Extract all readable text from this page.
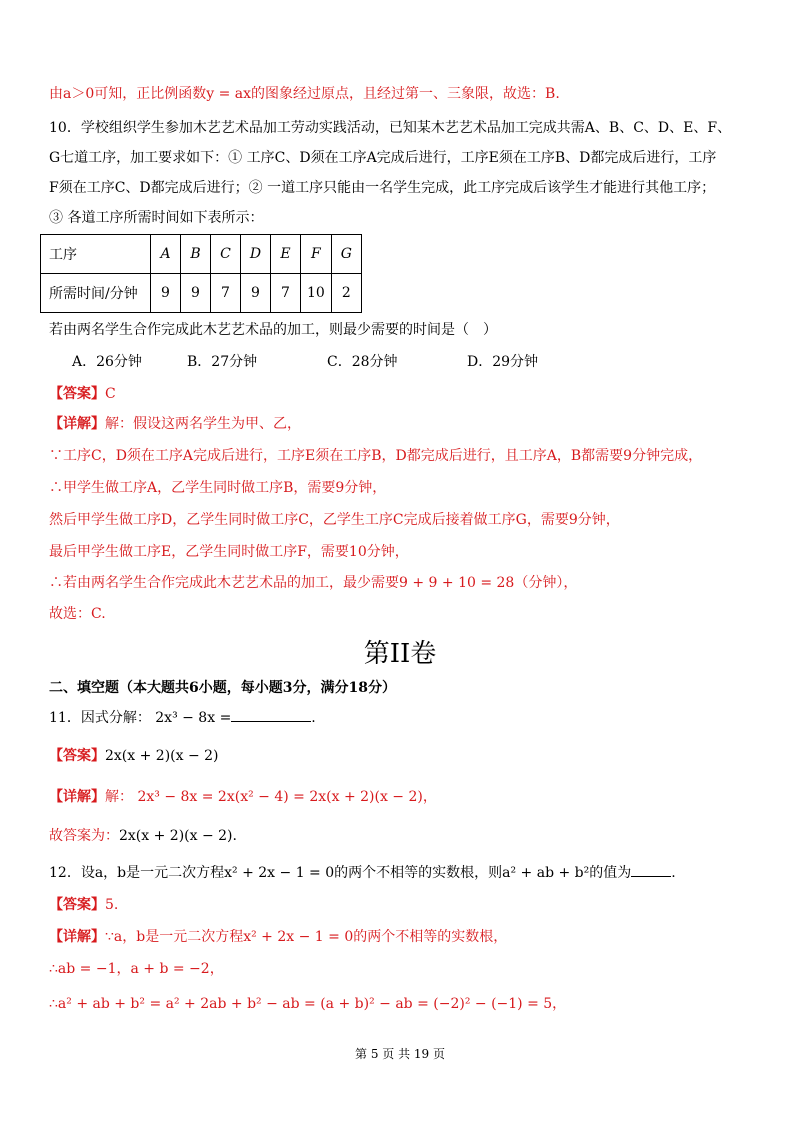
由a＞0可知，正比例函数y = ax的图象经过原点，且经过第一、三象限，故选：B.
10．学校组织学生参加木艺艺术品加工劳动实践活动，已知某木艺艺术品加工完成共需A、B、C、D、E、F、
G七道工序，加工要求如下：① 工序C、D须在工序A完成后进行，工序E须在工序B、D都完成后进行，工序
F须在工序C、D都完成后进行；② 一道工序只能由一名学生完成，此工序完成后该学生才能进行其他工序；
③ 各道工序所需时间如下表所示：
工序	A	B	C	D	E	F	G
所需时间/分钟	9	9	7	9	7	10	2
若由两名学生合作完成此木艺艺术品的加工，则最少需要的时间是（　）
A．26分钟	B．27分钟	C．28分钟	D．29分钟
【答案】C
【详解】解：假设这两名学生为甲、乙，
∵工序C，D须在工序A完成后进行，工序E须在工序B，D都完成后进行，且工序A，B都需要9分钟完成，
∴甲学生做工序A，乙学生同时做工序B，需要9分钟，
然后甲学生做工序D，乙学生同时做工序C，乙学生工序C完成后接着做工序G，需要9分钟，
最后甲学生做工序E，乙学生同时做工序F，需要10分钟，
∴若由两名学生合作完成此木艺艺术品的加工，最少需要9 + 9 + 10 = 28（分钟），
故选：C.
第II卷
二、填空题（本大题共6小题，每小题3分，满分18分）
11．因式分解： 2x³ − 8x =	.
【答案】2x(x + 2)(x − 2)
【详解】解： 2x³ − 8x = 2x(x² − 4) = 2x(x + 2)(x − 2)，
故答案为：2x(x + 2)(x − 2).
12．设a，b是一元二次方程x² + 2x − 1 = 0的两个不相等的实数根，则a² + ab + b²的值为	.
【答案】5.
【详解】∵a，b是一元二次方程x² + 2x − 1 = 0的两个不相等的实数根，
∴ab = −1，a + b = −2，
∴a² + ab + b² = a² + 2ab + b² − ab = (a + b)² − ab = (−2)² − (−1) = 5，
第 5 页 共 19 页
